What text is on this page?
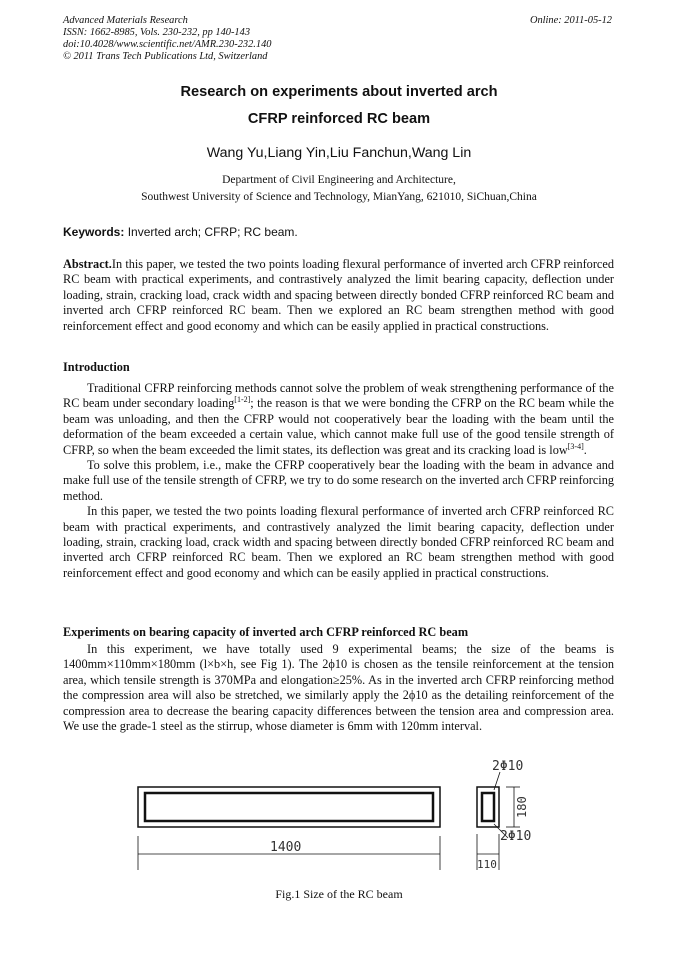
Advanced Materials Research
ISSN: 1662-8985, Vols. 230-232, pp 140-143
doi:10.4028/www.scientific.net/AMR.230-232.140
© 2011 Trans Tech Publications Ltd, Switzerland
Online: 2011-05-12
Research on experiments about inverted arch
CFRP reinforced RC beam
Wang Yu,Liang Yin,Liu Fanchun,Wang Lin
Department of Civil Engineering and Architecture,
Southwest University of Science and Technology, MianYang, 621010, SiChuan,China
Keywords: Inverted arch; CFRP; RC beam.

Abstract.In this paper, we tested the two points loading flexural performance of inverted arch CFRP reinforced RC beam with practical experiments, and contrastively analyzed the limit bearing capacity, deflection under loading, strain, cracking load, crack width and spacing between directly bonded CFRP reinforced RC beam and inverted arch CFRP reinforced RC beam. Then we explored an RC beam strengthen method with good reinforcement effect and good economy and which can be easily applied in practical constructions.

Introduction

Traditional CFRP reinforcing methods cannot solve the problem of weak strengthening performance of the RC beam under secondary loading[1-2]; the reason is that we were bonding the CFRP on the RC beam while the beam was unloading, and then the CFRP would not cooperatively bear the loading with the beam until the deformation of the beam exceeded a certain value, which cannot make full use of the good tensile strength of CFRP, so when the beam exceeded the limit states, its deflection was great and its cracking load is low[3-4].

To solve this problem, i.e., make the CFRP cooperatively bear the loading with the beam in advance and make full use of the tensile strength of CFRP, we try to do some research on the inverted arch CFRP reinforcing method.

In this paper, we tested the two points loading flexural performance of inverted arch CFRP reinforced RC beam with practical experiments, and contrastively analyzed the limit bearing capacity, deflection under loading, strain, cracking load, crack width and spacing between directly bonded CFRP reinforced RC beam and inverted arch CFRP reinforced RC beam. Then we explored an RC beam strengthen method with good reinforcement effect and good economy and which can be easily applied in practical constructions.

Experiments on bearing capacity of inverted arch CFRP reinforced RC beam

In this experiment, we have totally used 9 experimental beams; the size of the beams is 1400mm×110mm×180mm (l×b×h, see Fig 1). The 2ϕ10 is chosen as the tensile reinforcement at the tension area, which tensile strength is 370MPa and elongation≥25%. As in the inverted arch CFRP reinforcing method the compression area will also be stretched, we similarly apply the 2ϕ10 as the detailing reinforcement of the compression area to decrease the bearing capacity differences between the tension area and compression area. We use the grade-1 steel as the stirrup, whose diameter is 6mm with 120mm interval.

1400
110
2Φ10
2Φ10
180
Fig.1 Size of the RC beam
